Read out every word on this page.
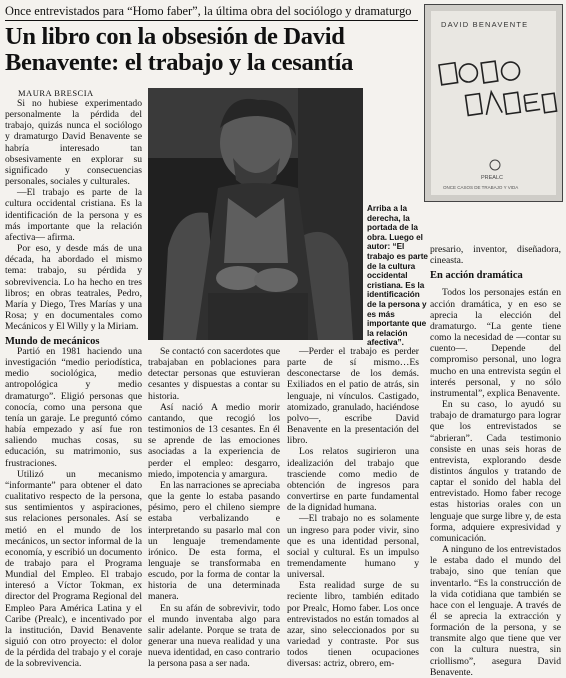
Once entrevistados para “Homo faber”, la última obra del sociólogo y dramaturgo
Un libro con la obsesión de David
Benavente: el trabajo y la cesantía
MAURA BRESCIA

Si no hubiese experimentado personalmente la pérdida del trabajo, quizás nunca el sociólogo y dramaturgo David Benavente se habría interesado tan obsesivamente en explorar su significado y consecuencias personales, sociales y culturales.

—El trabajo es parte de la cultura occidental cristiana. Es la identificación de la persona y es más importante que la relación afectiva— afirma.

Por eso, y desde más de una década, ha abordado el mismo tema: trabajo, su pérdida y sobrevivencia. Lo ha hecho en tres libros; en obras teatrales, Pedro, María y Diego, Tres Marías y una Rosa; y en documentales como Mecánicos y El Willy y la Miriam.

Mundo de mecánicos

Partió en 1981 haciendo una investigación “medio periodística, medio sociológica, medio antropológica y medio dramaturgo”. Eligió personas que conocía, como una persona que tenía un garaje. Le preguntó cómo había empezado y así fue ron saliendo muchas cosas, su educación, su matrimonio, sus frustraciones.

Utilizó un mecanismo “informante” para obtener el dato cualitativo respecto de la persona, sus sentimientos y aspiraciones, sus relaciones personales. Así se metió en el mundo de los mecánicos, un sector informal de la economía, y escribió un documento de trabajo para el Programa Mundial del Empleo. El trabajo interesó a Víctor Tokman, ex director del Programa Regional del Empleo Para América Latina y el Caribe (Prealc), e incentivado por la institución, David Benavente siguió con otro proyecto: el dolor de la pérdida del trabajo y el coraje de la sobrevivencia.

DAVID BENAVENTE
PREALC
ONCE CASOS DE TRABAJO Y VIDA
Arriba a la derecha, la portada de la obra. Luego el autor: “El trabajo es parte de la cultura occidental cristiana. Es la identificación de la persona y es más importante que la relación afectiva”.

Se contactó con sacerdotes que trabajaban en poblaciones para detectar personas que estuvieran cesantes y dispuestas a contar su historia.

Así nació A medio morir cantando, que recogió los testimonios de 13 cesantes. En él se aprende de las emociones asociadas a la experiencia de perder el empleo: desgarro, miedo, impotencia y amargura.

En las narraciones se apreciaba que la gente lo estaba pasando pésimo, pero el chileno siempre estaba verbalizando e interpretando su pasarlo mal con un lenguaje tremendamente irónico. De esta forma, el lenguaje se transformaba en escudo, por la forma de contar la historia de una determinada manera.

En su afán de sobrevivir, todo el mundo inventaba algo para salir adelante. Porque se trata de generar una nueva realidad y una nueva identidad, en caso contrario la persona pasa a ser nada.

—Perder el trabajo es perder parte de sí mismo…Es desconectarse de los demás. Exiliados en el patio de atrás, sin lenguaje, ni vínculos. Castigado, atomizado, granulado, haciéndose polvo—, escribe David Benavente en la presentación del libro.

Los relatos sugirieron una idealización del trabajo que trasciende como medio de obtención de ingresos para convertirse en parte fundamental de la dignidad humana.

—El trabajo no es solamente un ingreso para poder vivir, sino que es una identidad personal, social y cultural. Es un impulso tremendamente humano y universal.

Esta realidad surge de su reciente libro, también editado por Prealc, Homo faber. Los once entrevistados no están tomados al azar, sino seleccionados por su variedad y contraste. Por sus todos tienen ocupaciones diversas: actriz, obrero, em-

presario, inventor, diseñadora, cineasta.

En acción dramática

Todos los personajes están en acción dramática, y en eso se aprecia la elección del dramaturgo. “La gente tiene como la necesidad de —contar su cuento—. Depende del compromiso personal, uno logra mucho en una entrevista según el interés personal, y no sólo instrumental”, explica Benavente.

En su caso, lo ayudó su trabajo de dramaturgo para lograr que los entrevistados se “abrieran”. Cada testimonio consiste en unas seis horas de entrevista, explorando desde distintos ángulos y tratando de captar el sonido del habla del entrevistado. Homo faber recoge estas historias orales con un lenguaje que surge libre y, de esta forma, adquiere expresividad y comunicación.

A ninguno de los entrevistados le estaba dado el mundo del trabajo, sino que tenían que inventarlo. “Es la construcción de la vida cotidiana que también se hace con el lenguaje. A través de él se aprecia la extracción y formación de la persona, y se transmite algo que tiene que ver con la cultura nuestra, sin criollismo”, asegura David Benavente.
